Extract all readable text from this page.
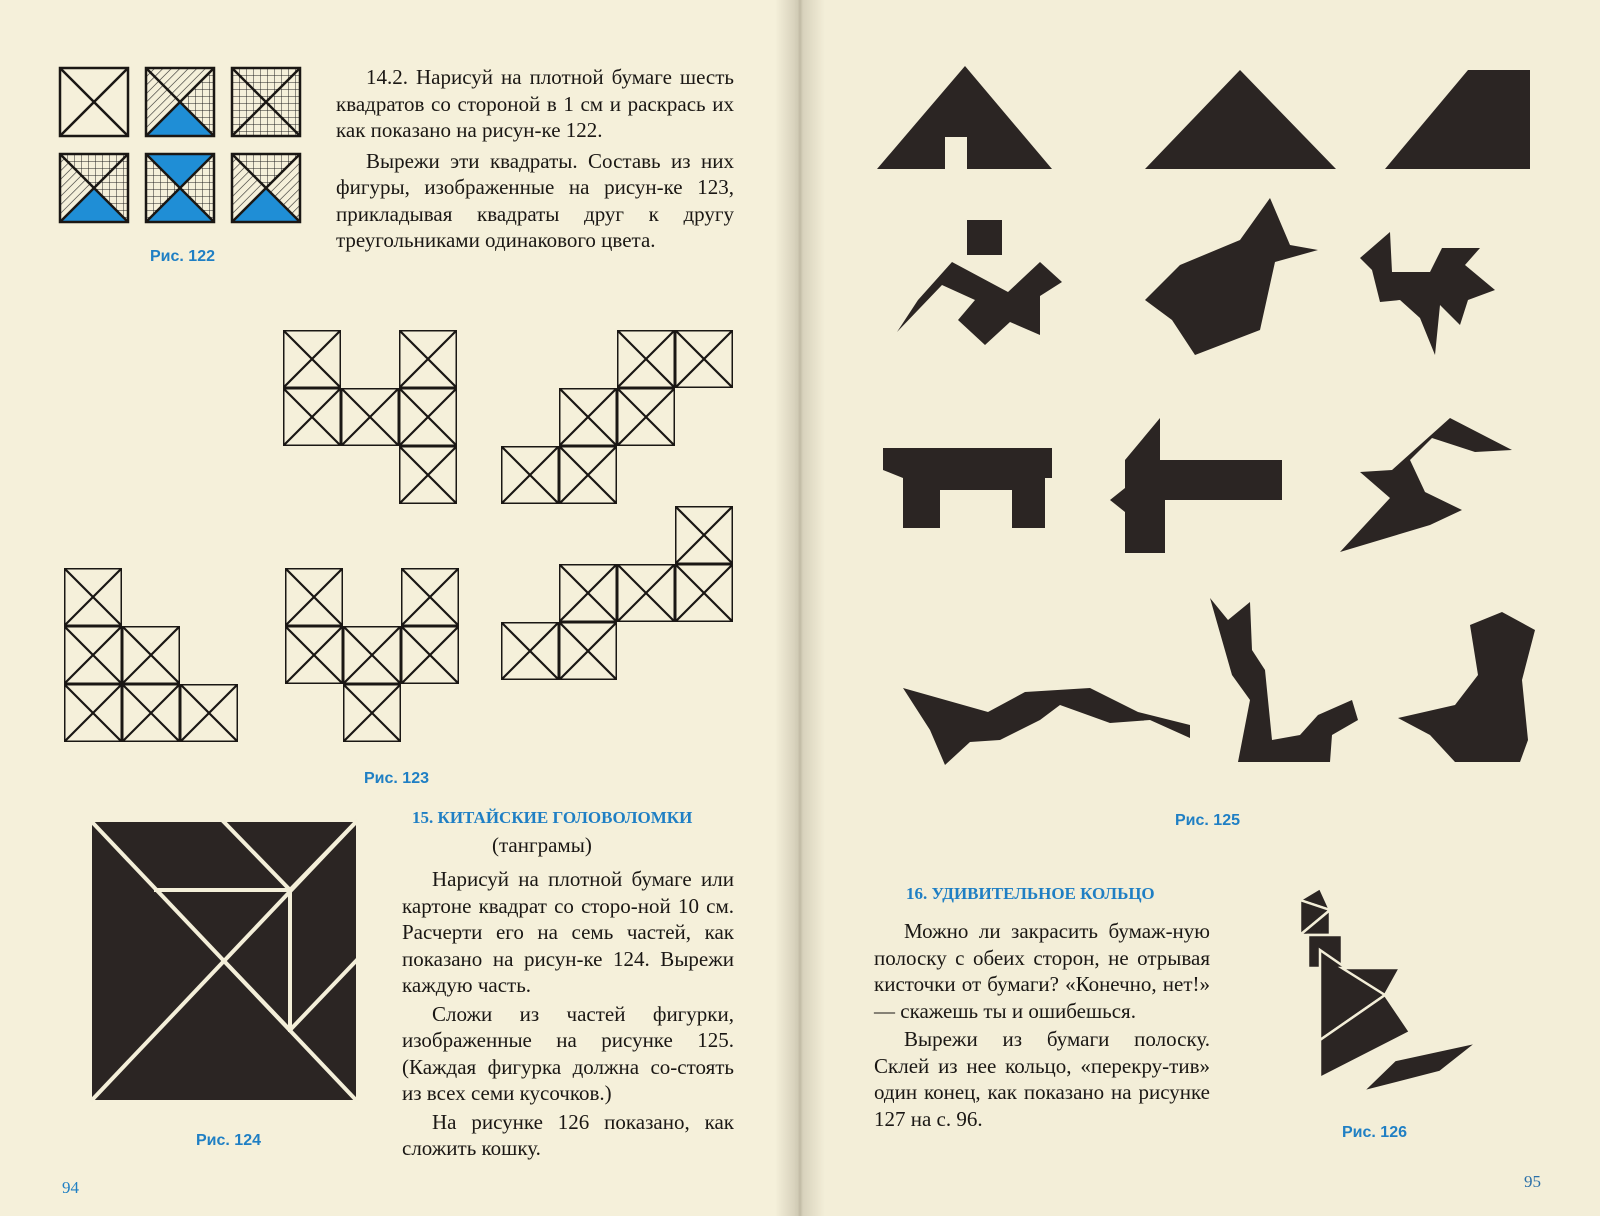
14.2. Нарисуй на плотной бумаге шесть квадратов со стороной в 1 см и раскрась их как показано на рисун-ке 122.

Вырежи эти квадраты. Составь из них фигуры, изображенные на рисун-ке 123, прикладывая квадраты друг к другу треугольниками одинакового цвета.

Рис. 122
Рис. 123
15. КИТАЙСКИЕ ГОЛОВОЛОМКИ
(танграмы)

Нарисуй на плотной бумаге или картоне квадрат со сторо-ной 10 см. Расчерти его на семь частей, как показано на рисун-ке 124. Вырежи каждую часть.

Сложи из частей фигурки, изображенные на рисунке 125. (Каждая фигурка должна со-стоять из всех семи кусочков.)

На рисунке 126 показано, как сложить кошку.

Рис. 124
94
Рис. 125
16. УДИВИТЕЛЬНОЕ КОЛЬЦО

Можно ли закрасить бумаж-ную полоску с обеих сторон, не отрывая кисточки от бумаги? «Конечно, нет!» — скажешь ты и ошибешься.

Вырежи из бумаги полоску. Склей из нее кольцо, «перекру-тив» один конец, как показано на рисунке 127 на с. 96.

Рис. 126
95
